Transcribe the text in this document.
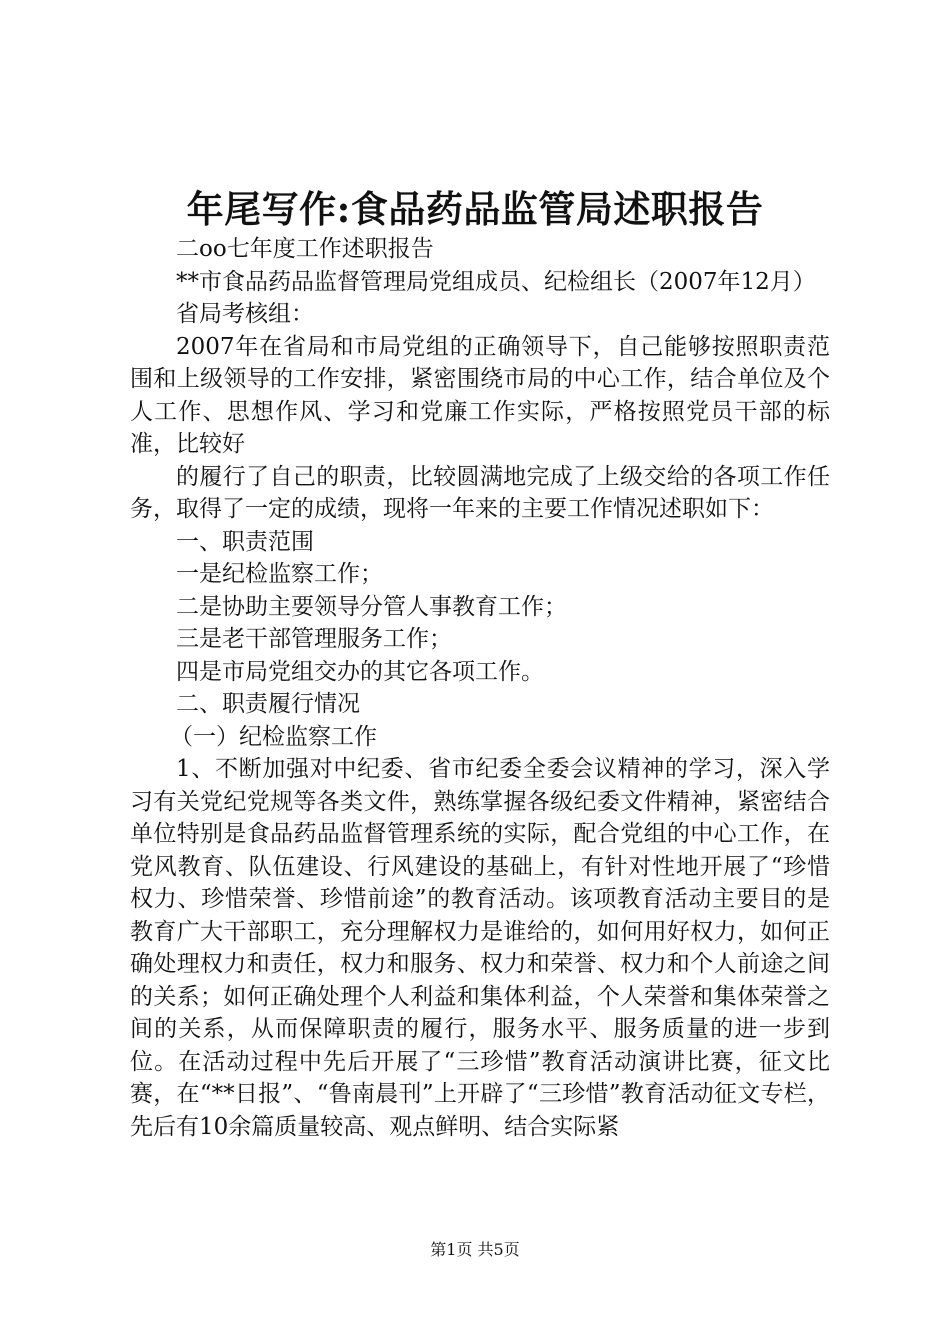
年尾写作:食品药品监管局述职报告

二oo七年度工作述职报告

**市食品药品监督管理局党组成员、纪检组长（2007年12月）

省局考核组：

2007年在省局和市局党组的正确领导下，自己能够按照职责范围和上级领导的工作安排，紧密围绕市局的中心工作，结合单位及个人工作、思想作风、学习和党廉工作实际，严格按照党员干部的标准，比较好

的履行了自己的职责，比较圆满地完成了上级交给的各项工作任务，取得了一定的成绩，现将一年来的主要工作情况述职如下：

一、职责范围

一是纪检监察工作；

二是协助主要领导分管人事教育工作；

三是老干部管理服务工作；

四是市局党组交办的其它各项工作。

二、职责履行情况

（一）纪检监察工作

1、不断加强对中纪委、省市纪委全委会议精神的学习，深入学习有关党纪党规等各类文件，熟练掌握各级纪委文件精神，紧密结合单位特别是食品药品监督管理系统的实际，配合党组的中心工作，在党风教育、队伍建设、行风建设的基础上，有针对性地开展了“珍惜权力、珍惜荣誉、珍惜前途”的教育活动。该项教育活动主要目的是教育广大干部职工，充分理解权力是谁给的，如何用好权力，如何正确处理权力和责任，权力和服务、权力和荣誉、权力和个人前途之间的关系；如何正确处理个人利益和集体利益，个人荣誉和集体荣誉之间的关系，从而保障职责的履行，服务水平、服务质量的进一步到位。在活动过程中先后开展了“三珍惜”教育活动演讲比赛，征文比赛，在“**日报”、“鲁南晨刊”上开辟了“三珍惜”教育活动征文专栏，先后有10余篇质量较高、观点鲜明、结合实际紧

第1页 共5页
